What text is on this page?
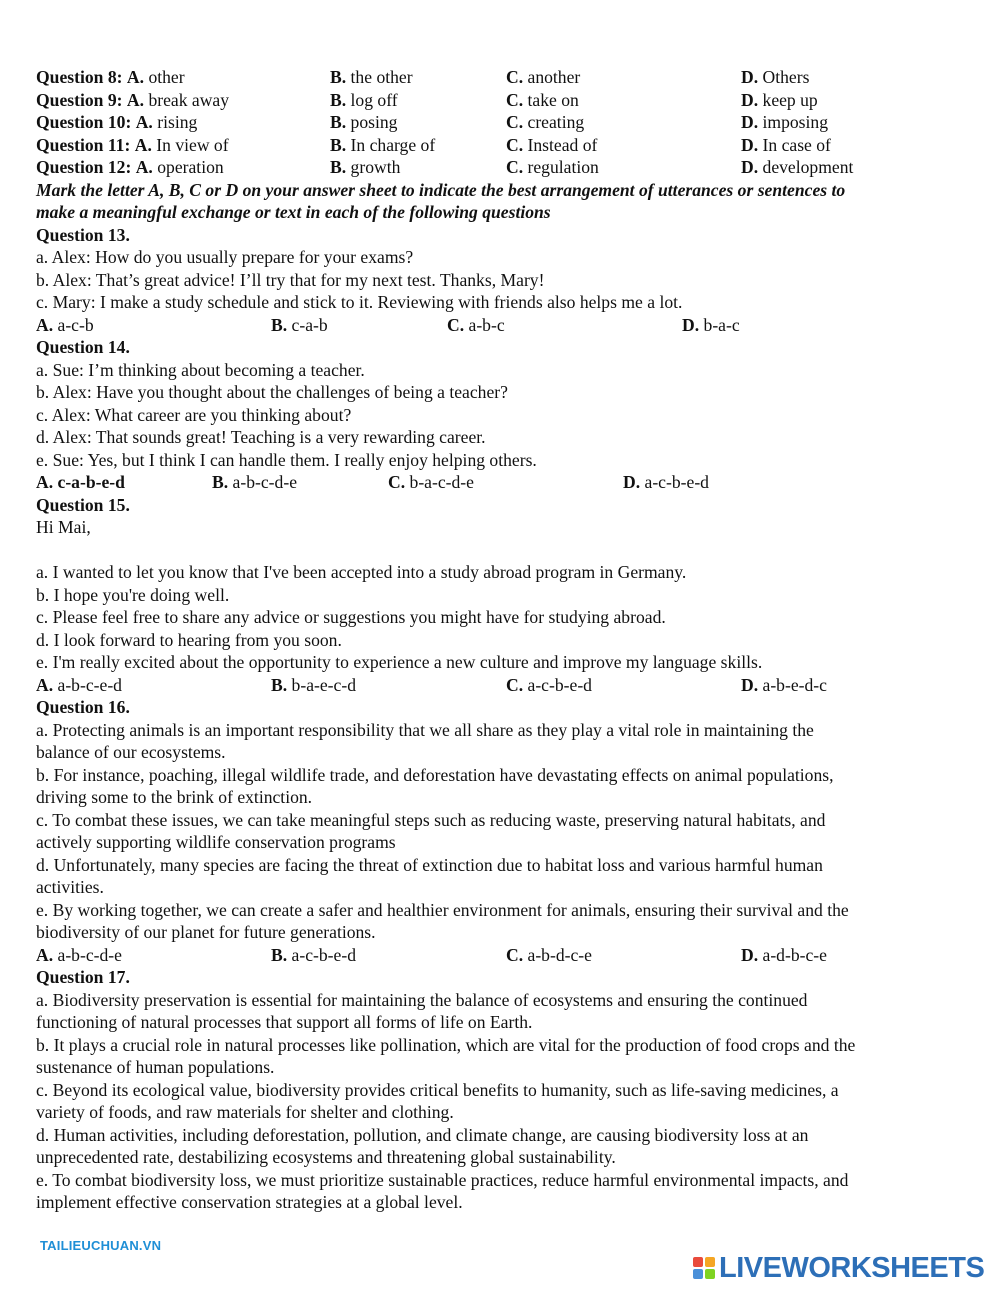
Question 8: A. other	B. the other	C. another	D. Others
Question 9: A. break away	B. log off	C. take on	D. keep up
Question 10: A. rising	B. posing	C. creating	D. imposing
Question 11: A. In view of	B. In charge of	C. Instead of	D. In case of
Question 12: A. operation	B. growth	C. regulation	D. development
Mark the letter A, B, C or D on your answer sheet to indicate the best arrangement of utterances or sentences to
make a meaningful exchange or text in each of the following questions
Question 13.
a. Alex: How do you usually prepare for your exams?
b. Alex: That’s great advice! I’ll try that for my next test. Thanks, Mary!
c. Mary: I make a study schedule and stick to it. Reviewing with friends also helps me a lot.
A. a-c-b	B. c-a-b	C. a-b-c	D. b-a-c
Question 14.
a. Sue: I’m thinking about becoming a teacher.
b. Alex: Have you thought about the challenges of being a teacher?
c. Alex: What career are you thinking about?
d. Alex: That sounds great! Teaching is a very rewarding career.
e. Sue: Yes, but I think I can handle them. I really enjoy helping others.
A. c-a-b-e-d	B. a-b-c-d-e	C. b-a-c-d-e	D. a-c-b-e-d
Question 15.
Hi Mai,
a. I wanted to let you know that I've been accepted into a study abroad program in Germany.
b. I hope you're doing well.
c. Please feel free to share any advice or suggestions you might have for studying abroad.
d. I look forward to hearing from you soon.
e. I'm really excited about the opportunity to experience a new culture and improve my language skills.
A. a-b-c-e-d	B. b-a-e-c-d	C. a-c-b-e-d	D. a-b-e-d-c
Question 16.
a. Protecting animals is an important responsibility that we all share as they play a vital role in maintaining the
balance of our ecosystems.
b. For instance, poaching, illegal wildlife trade, and deforestation have devastating effects on animal populations,
driving some to the brink of extinction.
c. To combat these issues, we can take meaningful steps such as reducing waste, preserving natural habitats, and
actively supporting wildlife conservation programs
d. Unfortunately, many species are facing the threat of extinction due to habitat loss and various harmful human
activities.
e. By working together, we can create a safer and healthier environment for animals, ensuring their survival and the
biodiversity of our planet for future generations.
A. a-b-c-d-e	B. a-c-b-e-d	C. a-b-d-c-e	D. a-d-b-c-e
Question 17.
a. Biodiversity preservation is essential for maintaining the balance of ecosystems and ensuring the continued
functioning of natural processes that support all forms of life on Earth.
b. It plays a crucial role in natural processes like pollination, which are vital for the production of food crops and the
sustenance of human populations.
c. Beyond its ecological value, biodiversity provides critical benefits to humanity, such as life-saving medicines, a
variety of foods, and raw materials for shelter and clothing.
d. Human activities, including deforestation, pollution, and climate change, are causing biodiversity loss at an
unprecedented rate, destabilizing ecosystems and threatening global sustainability.
e. To combat biodiversity loss, we must prioritize sustainable practices, reduce harmful environmental impacts, and
implement effective conservation strategies at a global level.
TAILIEUCHUAN.VN
LIVEWORKSHEETS
